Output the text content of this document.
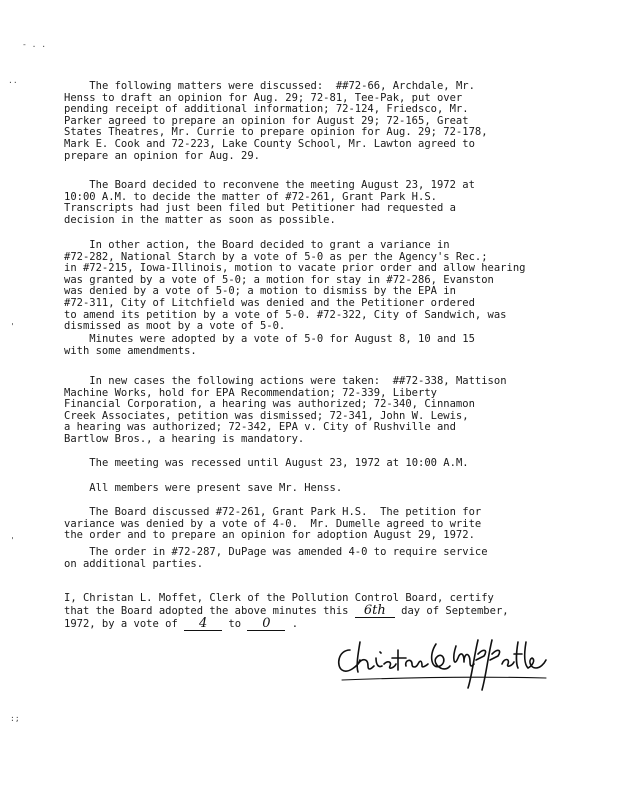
- . .
..
'
'
:;

The following matters were discussed:  ##72-66, Archdale, Mr.
Henss to draft an opinion for Aug. 29; 72-81, Tee-Pak, put over
pending receipt of additional information; 72-124, Friedsco, Mr.
Parker agreed to prepare an opinion for August 29; 72-165, Great
States Theatres, Mr. Currie to prepare opinion for Aug. 29; 72-178,
Mark E. Cook and 72-223, Lake County School, Mr. Lawton agreed to
prepare an opinion for Aug. 29.

The Board decided to reconvene the meeting August 23, 1972 at
10:00 A.M. to decide the matter of #72-261, Grant Park H.S.
Transcripts had just been filed but Petitioner had requested a
decision in the matter as soon as possible.

In other action, the Board decided to grant a variance in
#72-282, National Starch by a vote of 5-0 as per the Agency's Rec.;
in #72-215, Iowa-Illinois, motion to vacate prior order and allow hearing
was granted by a vote of 5-0; a motion for stay in #72-286, Evanston
was denied by a vote of 5-0; a motion to dismiss by the EPA in
#72-311, City of Litchfield was denied and the Petitioner ordered
to amend its petition by a vote of 5-0. #72-322, City of Sandwich, was
dismissed as moot by a vote of 5-0.

Minutes were adopted by a vote of 5-0 for August 8, 10 and 15
with some amendments.

In new cases the following actions were taken:  ##72-338, Mattison
Machine Works, hold for EPA Recommendation; 72-339, Liberty
Financial Corporation, a hearing was authorized; 72-340, Cinnamon
Creek Associates, petition was dismissed; 72-341, John W. Lewis,
a hearing was authorized; 72-342, EPA v. City of Rushville and
Bartlow Bros., a hearing is mandatory.

The meeting was recessed until August 23, 1972 at 10:00 A.M.

All members were present save Mr. Henss.

The Board discussed #72-261, Grant Park H.S.  The petition for
variance was denied by a vote of 4-0.  Mr. Dumelle agreed to write
the order and to prepare an opinion for adoption August 29, 1972.

The order in #72-287, DuPage was amended 4-0 to require service
on additional parties.

I, Christan L. Moffet, Clerk of the Pollution Control Board, certify
that the Board adopted the above minutes this 6th day of September,
1972, by a vote of 4 to 0 .
